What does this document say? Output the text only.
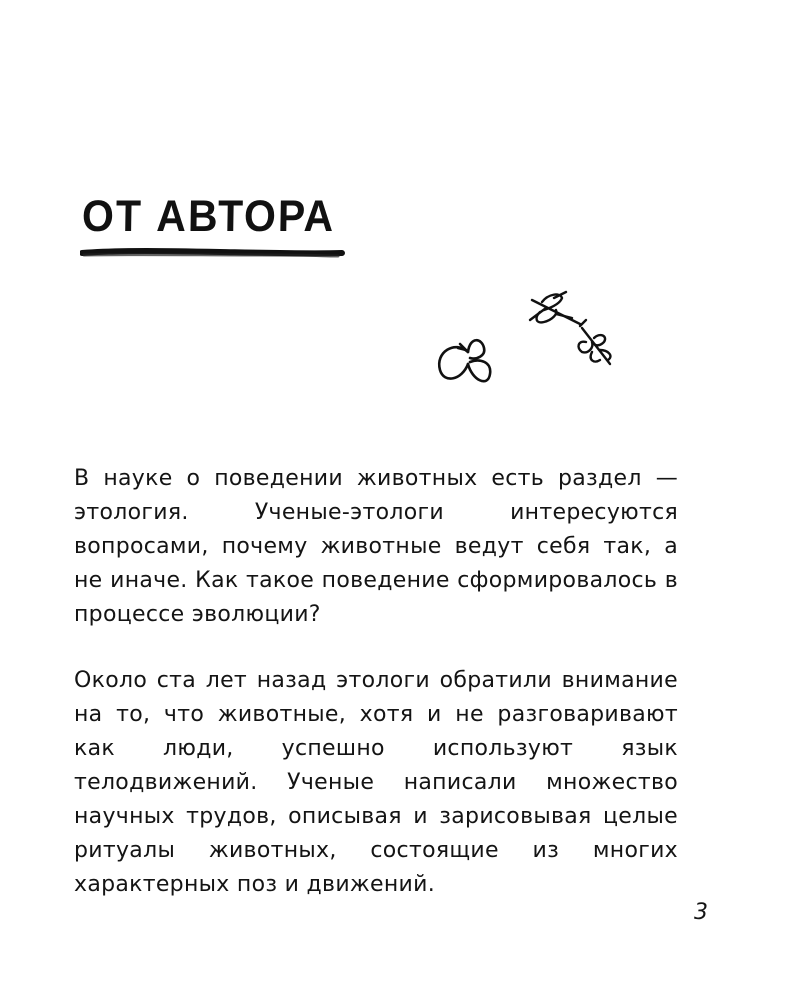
ОТ АВТОРА

В науке о поведении животных есть раздел — этология. Ученые-этологи интересуются вопросами, почему животные ведут себя так, а не иначе. Как такое поведение сформировалось в процессе эволюции?

Около ста лет назад этологи обратили внимание на то, что животные, хотя и не разговаривают как люди, успешно используют язык телодвижений. Ученые написали множество научных трудов, описывая и зарисовывая целые ритуалы животных, состоящие из многих характерных поз и движений.

3
